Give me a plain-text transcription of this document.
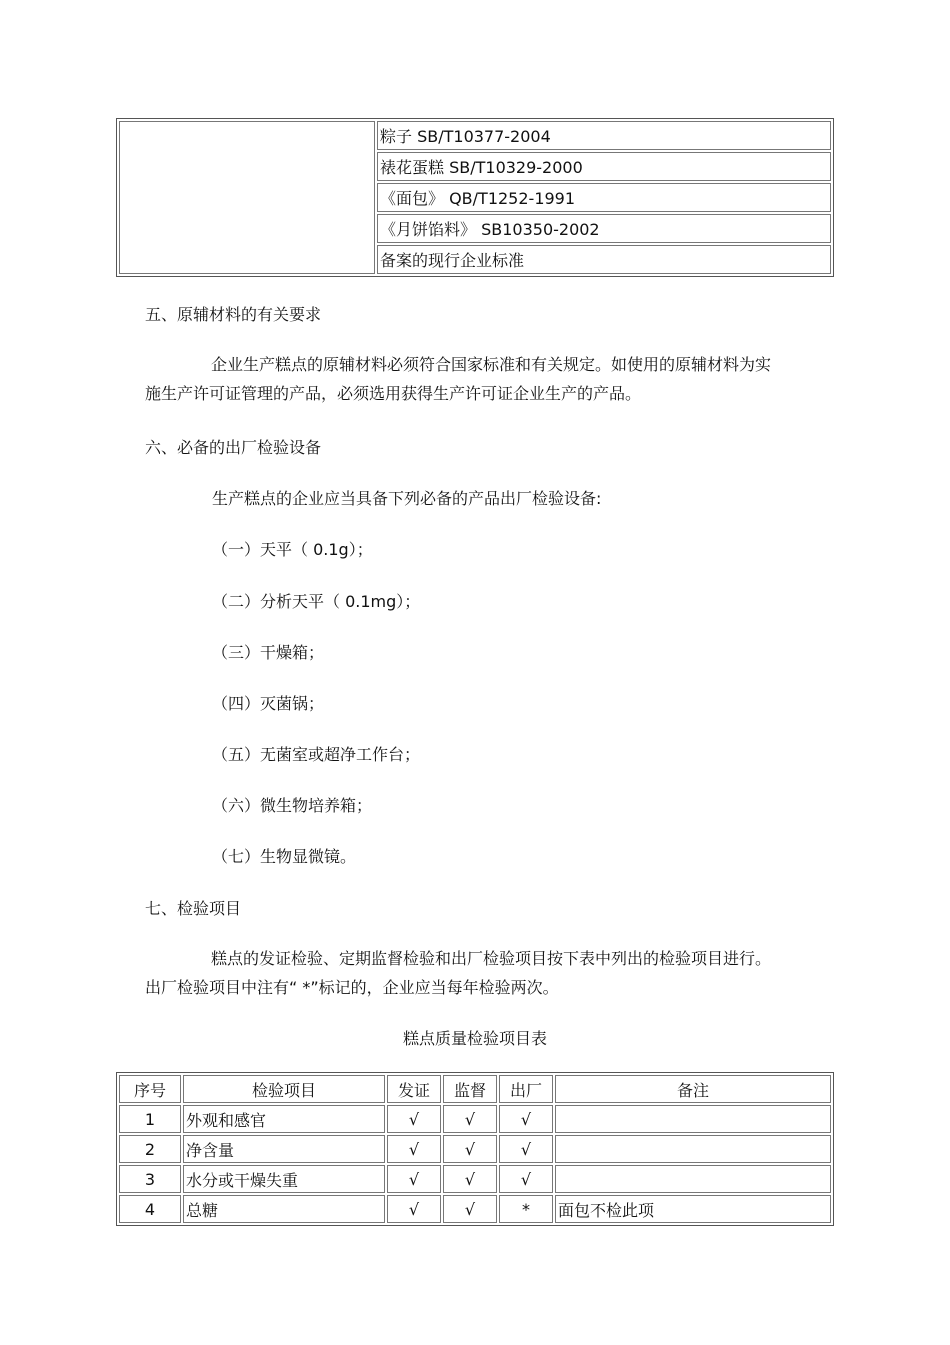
	粽子 SB/T10377-2004
裱花蛋糕 SB/T10329-2000
《面包》 QB/T1252-1991
《月饼馅料》 SB10350-2002
备案的现行企业标准
五、原辅材料的有关要求
企业生产糕点的原辅材料必须符合国家标准和有关规定。如使用的原辅材料为实施生产许可证管理的产品，必须选用获得生产许可证企业生产的产品。
六、必备的出厂检验设备
生产糕点的企业应当具备下列必备的产品出厂检验设备:
（一）天平（ 0.1g）；
（二）分析天平（ 0.1mg）；
（三）干燥箱；
（四）灭菌锅；
（五）无菌室或超净工作台；
（六）微生物培养箱；
（七）生物显微镜。
七、检验项目
糕点的发证检验、定期监督检验和出厂检验项目按下表中列出的检验项目进行。出厂检验项目中注有“ *”标记的，企业应当每年检验两次。
糕点质量检验项目表
序号	检验项目	发证	监督	出厂	备注
1	外观和感官	√	√	√	
2	净含量	√	√	√	
3	水分或干燥失重	√	√	√	
4	总糖	√	√	*	面包不检此项
